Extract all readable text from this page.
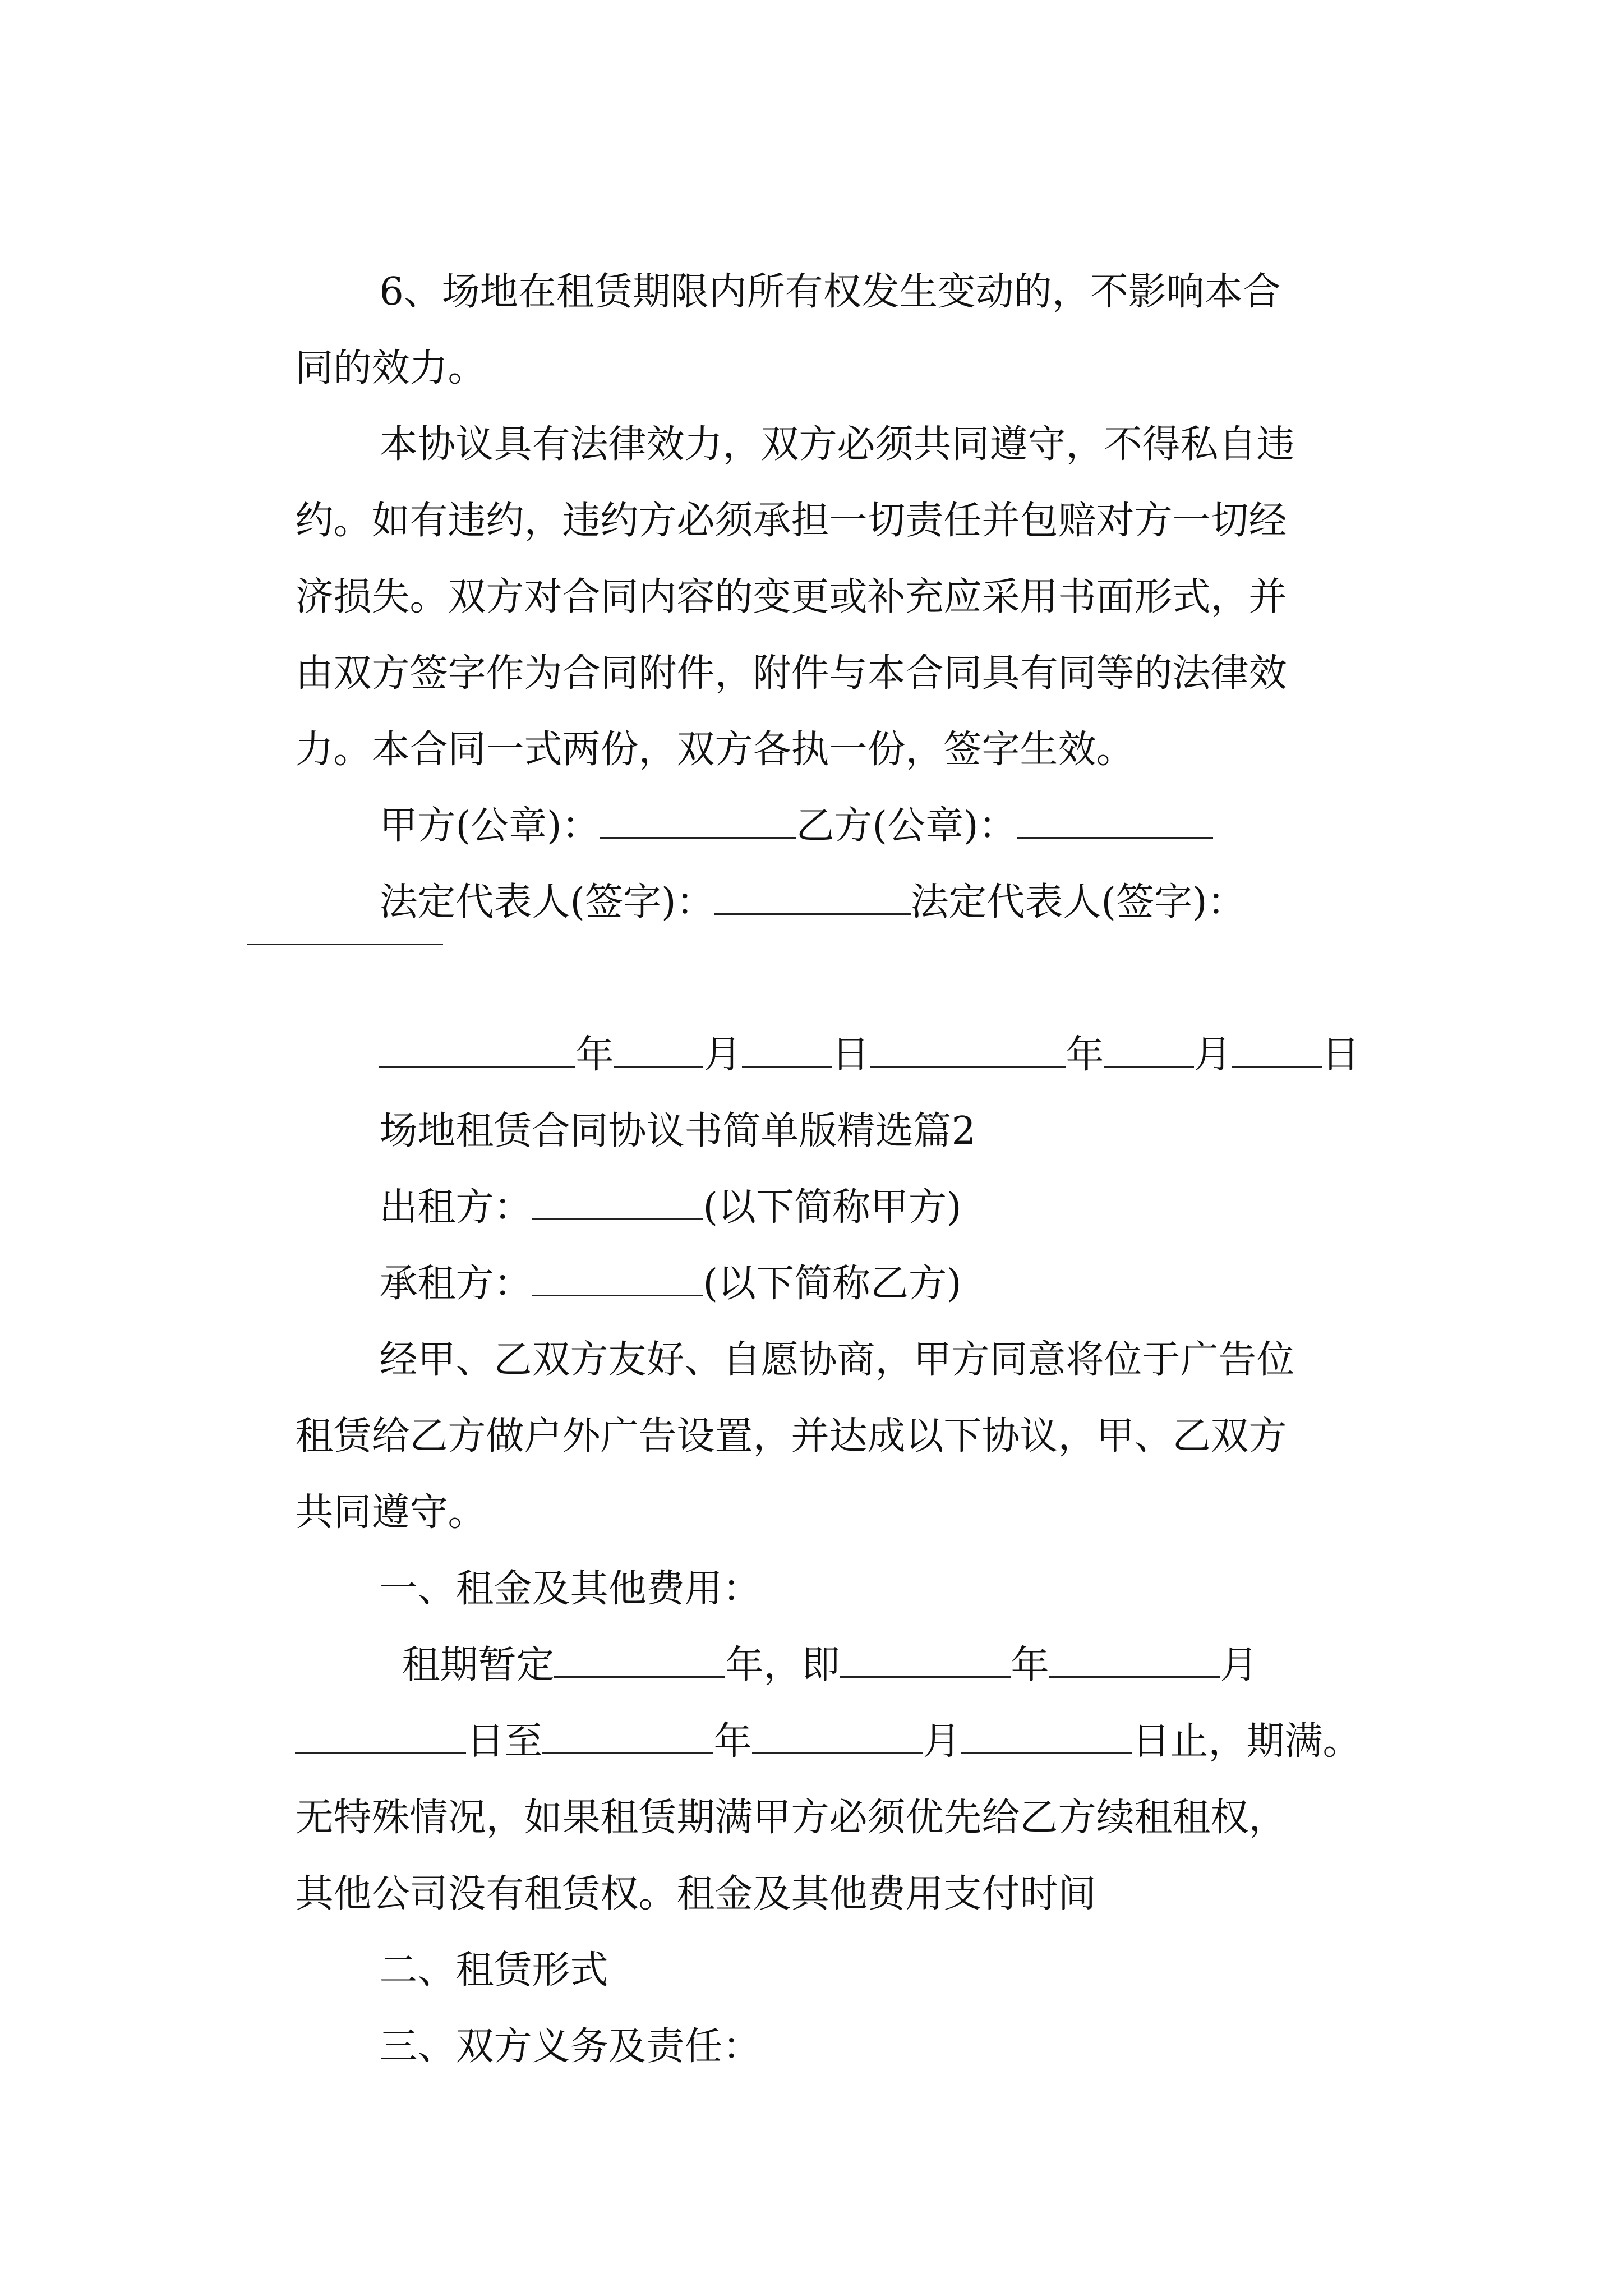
6、场地在租赁期限内所有权发生变动的，不影响本合

同的效力。

本协议具有法律效力，双方必须共同遵守，不得私自违

约。如有违约，违约方必须承担一切责任并包赔对方一切经

济损失。双方对合同内容的变更或补充应采用书面形式，并

由双方签字作为合同附件，附件与本合同具有同等的法律效

力。本合同一式两份，双方各执一份，签字生效。

甲方(公章)：	乙方(公章)：

法定代表人(签字)：	法定代表人(签字)：

年 月 日	年 月 日

场地租赁合同协议书简单版精选篇2

出租方：	(以下简称甲方)

承租方：	(以下简称乙方)

经甲、乙双方友好、自愿协商，甲方同意将位于广告位

租赁给乙方做户外广告设置，并达成以下协议，甲、乙双方

共同遵守。

一、租金及其他费用：

租期暂定	年，即	年	月

日至	年	月	日止，期满。

无特殊情况，如果租赁期满甲方必须优先给乙方续租租权，

其他公司没有租赁权。租金及其他费用支付时间

二、租赁形式

三、双方义务及责任：
